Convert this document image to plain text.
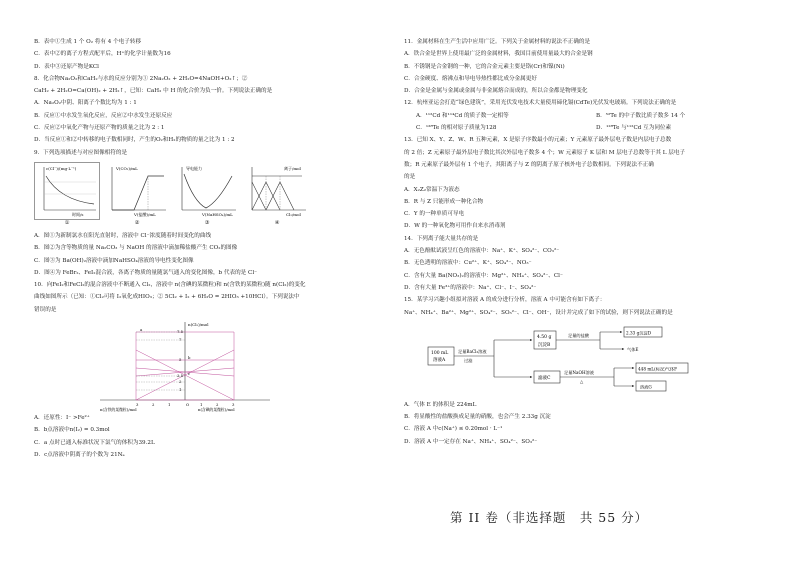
B．表中①生成 1 个 O₂ 将有 4 个电子转移
C．表中②的离子方程式配平后，H⁺的化学计量数为16
D．表中③还原产物是KCl
8．化合物Na₂O₂和CaH₂与水的反应分别为① 2Na₂O₂ + 2H₂O=4NaOH+O₂↑；②
CaH₂ + 2H₂O=Ca(OH)₂ + 2H₂↑，已知：CaH₂ 中 H 的化合价为负一价。下列说法正确的是
A．Na₂O₂中阴、阳离子个数比均为 1 : 1
B．反应①中水发生氧化反应，反应②中水发生还原反应
C．反应②中氧化产物与还原产物的质量之比为 2 : 1
D．当反应①和②中转移的电子数相同时，产生的O₂和H₂的物质的量之比为 1 : 2
9．下列选项描述与对应图像相符的是
c(Cl⁻)/(mg·L⁻¹)
时间/s
①
V(CO₂)/mL
V(盐酸)/mL
②
导电能力
V(NaHSO₄)/mL
③
离子/mol
Cl₂/mol
④
A．图①为新制氯水在阳光直射时，溶液中 Cl⁻浓度随着时间变化的曲线
B．图②为含等物质的量 Na₂CO₃ 与 NaOH 的溶液中滴加稀盐酸产生 CO₂的图像
C．图③为 Ba(OH)₂溶液中滴加NaHSO₄溶液的导电性变化图像
D．图④为 FeBr₂、FeI₂混合液，各离子物质的量随氯气通入的变化图像，b 代表的是 Cl⁻
10．向FeI₂和FeCl₂的混合溶液中不断通入 Cl₂，溶液中 n(含碘的某微粒)和 n(含铁的某微粒)随 n(Cl₂)的变化
曲线如图所示（已知：①Cl₂可将 I₂氧化成HIO₃；② 5Cl₂ + I₂ + 6H₂O = 2HIO₃ +10HCl）。下列说法中
错误的是
n(Cl₂)/mol
7.5
7
5
2.5
2
1
3	2	1	1	2	3
n(含铁的某微粒)/mol	n(含碘的某微粒)/mol
a
b
c
O
A．还原性：I⁻ >Fe²⁺
B．b点溶液中n(I₂) = 0.3mol
C．a 点时已通入标准状况下氯气的体积为39.2L
D．c点溶液中阴离子的个数为 21Nₐ
11．金属材料在生产生活中应用广泛。下列关于金属材料的说法不正确的是
A．铁合金是世界上使用最广泛的金属材料，我国目前使用量最大的合金是钢
B．不锈钢是合金钢的一种，它的合金元素主要是铬(Cr)和镍(Ni)
C．合金硬度、熔沸点和导电导热性都比成分金属更好
D．合金是金属与金属或金属与非金属熔合而成的，所以合金都是物理变化
12．杭州亚运会打造“绿色建筑”，采用光伏发电技术大量使用碲化镉(CdTe)光伏发电玻璃。下列说法正确的是
A．¹¹²Cd 和¹¹⁴Cd 的质子数一定相等	B．⁵²Te 的中子数比质子数多 14 个
C．¹²⁸Te 的相对原子质量为128	D．¹²⁸Te 与¹¹²Cd 互为同位素
13．已知 X、Y、Z、W、R 五种元素，X 是原子序数最小的元素；Y 元素原子最外层电子数是内层电子总数
的 2 倍；Z 元素原子最外层电子数比其次外层电子数多 4 个；W 元素原子 K 层和 M 层电子总数等于其 L 层电子
数；R 元素原子最外层有 1 个电子，其阳离子与 Z 的阴离子原子核外电子总数相同。下列说法不正确
的是
A．X₂Z₂常温下为液态
B．R 与 Z 只能形成一种化合物
C．Y 的一种单质可导电
D．W 的一种氧化物可用作自来水消毒剂
14．下列离子能大量共存的是
A．无色酚酞试液呈红色的溶液中：Na⁺、K⁺、SO₄²⁻、CO₃²⁻
B．无色透明的溶液中：Cu²⁺、K⁺、SO₄²⁻、NO₃⁻
C．含有大量 Ba(NO₃)₂的溶液中：Mg²⁺、NH₄⁺、SO₄²⁻、Cl⁻
D．含有大量 Fe³⁺的溶液中：Na⁺、Cl⁻、I⁻、SO₄²⁻
15．某学习兴趣小组拟对溶液 A 的成分进行分析，溶液 A 中可能含有如下离子：
Na⁺、NH₄⁺、Ba²⁺、Mg²⁺、SO₄²⁻、SO₃²⁻、Cl⁻、OH⁻，设计并完成了如下的试验，则下列说法正确的是
100 mL
溶液A
足量BaCl₂溶液
过滤
4.50 g
沉淀B
足量的盐酸	2.33 g沉淀D
气体E
滤液C
足量NaOH溶液
△
448 mL(标况)气体F
溶液G
A．气体 E 的体积是 224mL
B．将显酸性的盐酸换成足量的硝酸，也会产生 2.33g 沉淀
C．溶液 A 中c(Na⁺) ≤ 0.20mol · L⁻¹
D．溶液 A 中一定存在 Na⁺、NH₄⁺、SO₄²⁻、SO₃²⁻
第 II 卷（非选择题　共 55 分）
